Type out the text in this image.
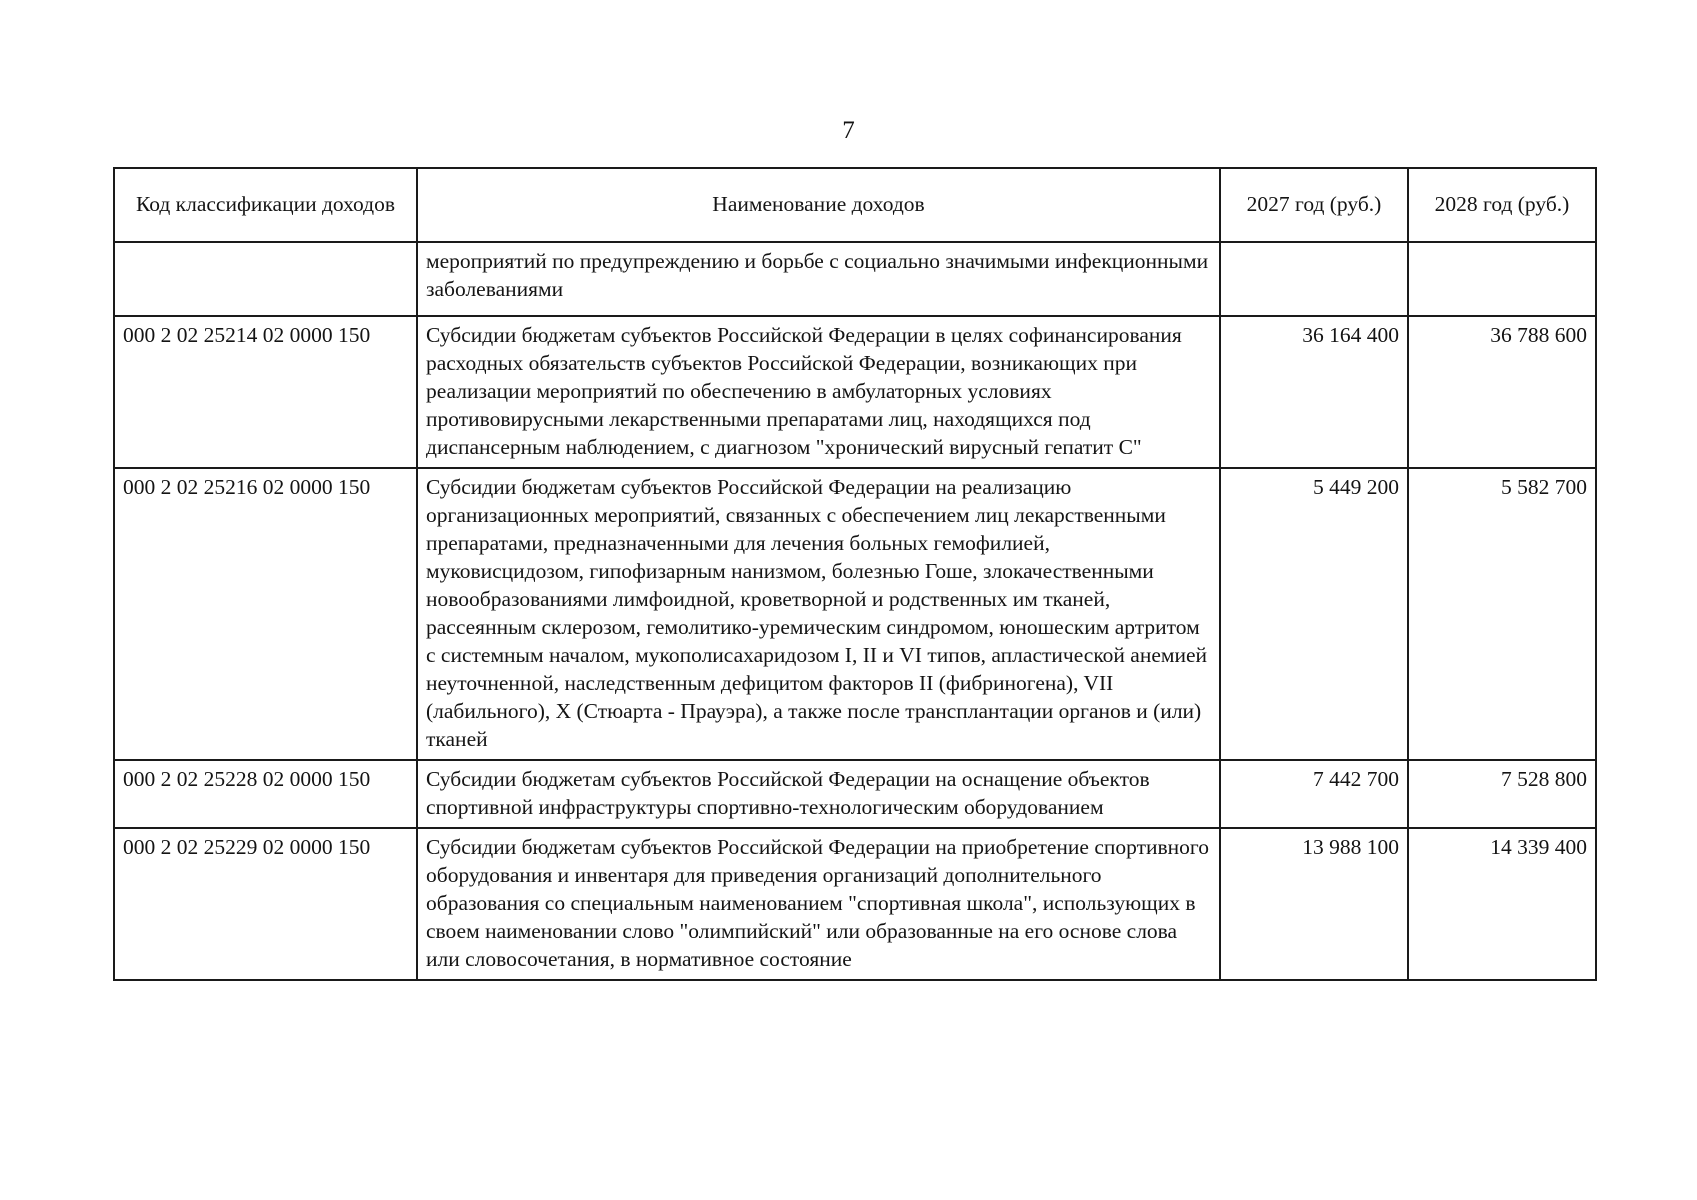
7
Код классификации доходов	Наименование доходов	2027 год (руб.)	2028 год (руб.)
	мероприятий по предупреждению и борьбе с социально значимыми инфекционными заболеваниями		
000 2 02 25214 02 0000 150	Субсидии бюджетам субъектов Российской Федерации в целях софинансирования расходных обязательств субъектов Российской Федерации, возникающих при реализации мероприятий по обеспечению в амбулаторных условиях противовирусными лекарственными препаратами лиц, находящихся под диспансерным наблюдением, с диагнозом "хронический вирусный гепатит С"	36 164 400	36 788 600
000 2 02 25216 02 0000 150	Субсидии бюджетам субъектов Российской Федерации на реализацию организационных мероприятий, связанных с обеспечением лиц лекарственными препаратами, предназначенными для лечения больных гемофилией, муковисцидозом, гипофизарным нанизмом, болезнью Гоше, злокачественными новообразованиями лимфоидной, кроветворной и родственных им тканей, рассеянным склерозом, гемолитико-уремическим синдромом, юношеским артритом с системным началом, мукополисахаридозом I, II и VI типов, апластической анемией неуточненной, наследственным дефицитом факторов II (фибриногена), VII (лабильного), X (Стюарта - Прауэра), а также после трансплантации органов и (или) тканей	5 449 200	5 582 700
000 2 02 25228 02 0000 150	Субсидии бюджетам субъектов Российской Федерации на оснащение объектов спортивной инфраструктуры спортивно-технологическим оборудованием	7 442 700	7 528 800
000 2 02 25229 02 0000 150	Субсидии бюджетам субъектов Российской Федерации на приобретение спортивного оборудования и инвентаря для приведения организаций дополнительного образования со специальным наименованием "спортивная школа", использующих в своем наименовании слово "олимпийский" или образованные на его основе слова или словосочетания, в нормативное состояние	13 988 100	14 339 400
